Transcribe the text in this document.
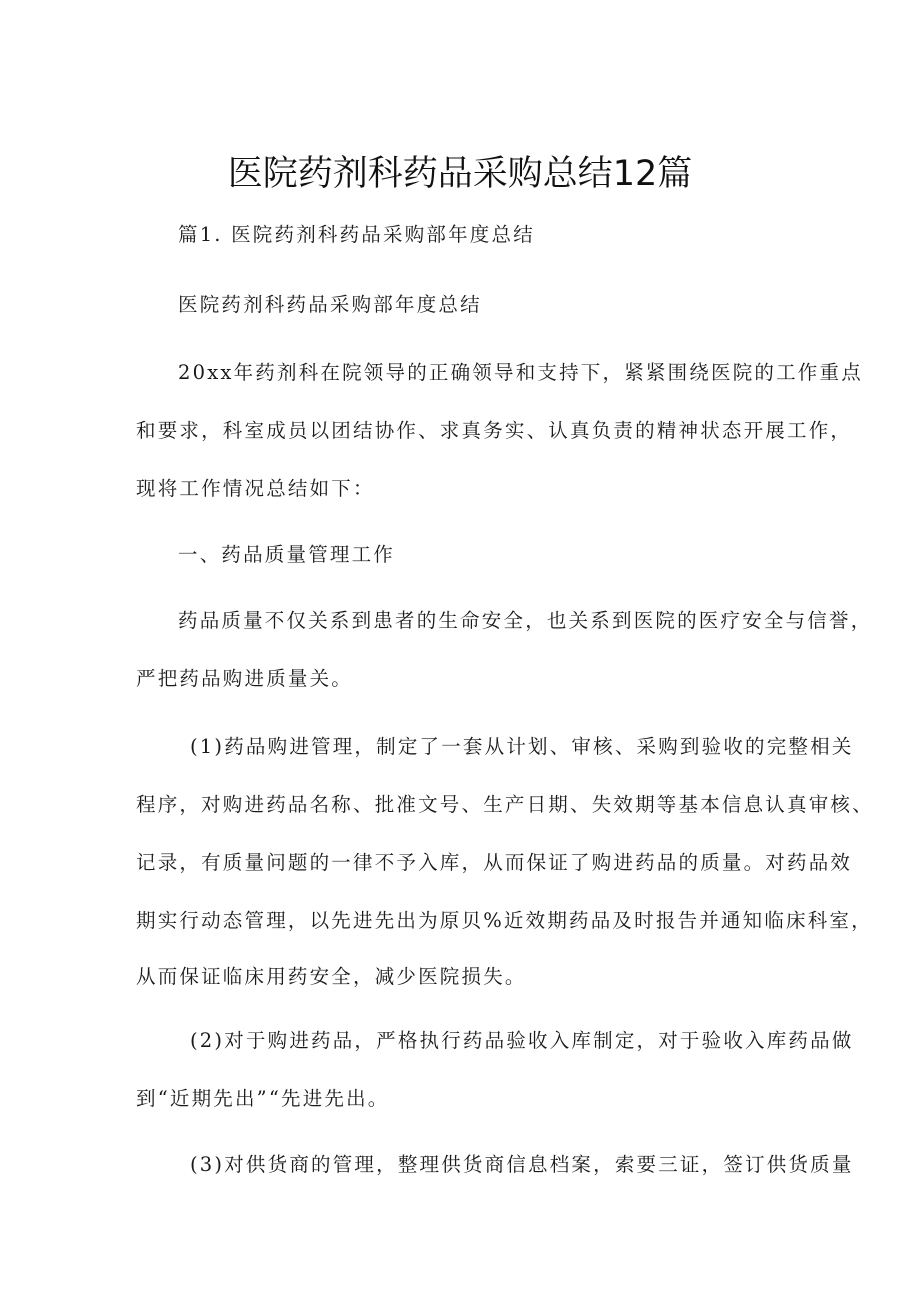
医院药剂科药品采购总结12篇
篇1. 医院药剂科药品采购部年度总结
医院药剂科药品采购部年度总结
20xx年药剂科在院领导的正确领导和支持下，紧紧围绕医院的工作重点
和要求，科室成员以团结协作、求真务实、认真负责的精神状态开展工作，
现将工作情况总结如下：
一、药品质量管理工作
药品质量不仅关系到患者的生命安全，也关系到医院的医疗安全与信誉，
严把药品购进质量关。
(1)药品购进管理，制定了一套从计划、审核、采购到验收的完整相关
程序，对购进药品名称、批准文号、生产日期、失效期等基本信息认真审核、
记录，有质量问题的一律不予入库，从而保证了购进药品的质量。对药品效
期实行动态管理，以先进先出为原贝%近效期药品及时报告并通知临床科室，
从而保证临床用药安全，减少医院损失。
(2)对于购进药品，严格执行药品验收入库制定，对于验收入库药品做
到“近期先出”“先进先出。
(3)对供货商的管理，整理供货商信息档案，索要三证，签订供货质量
